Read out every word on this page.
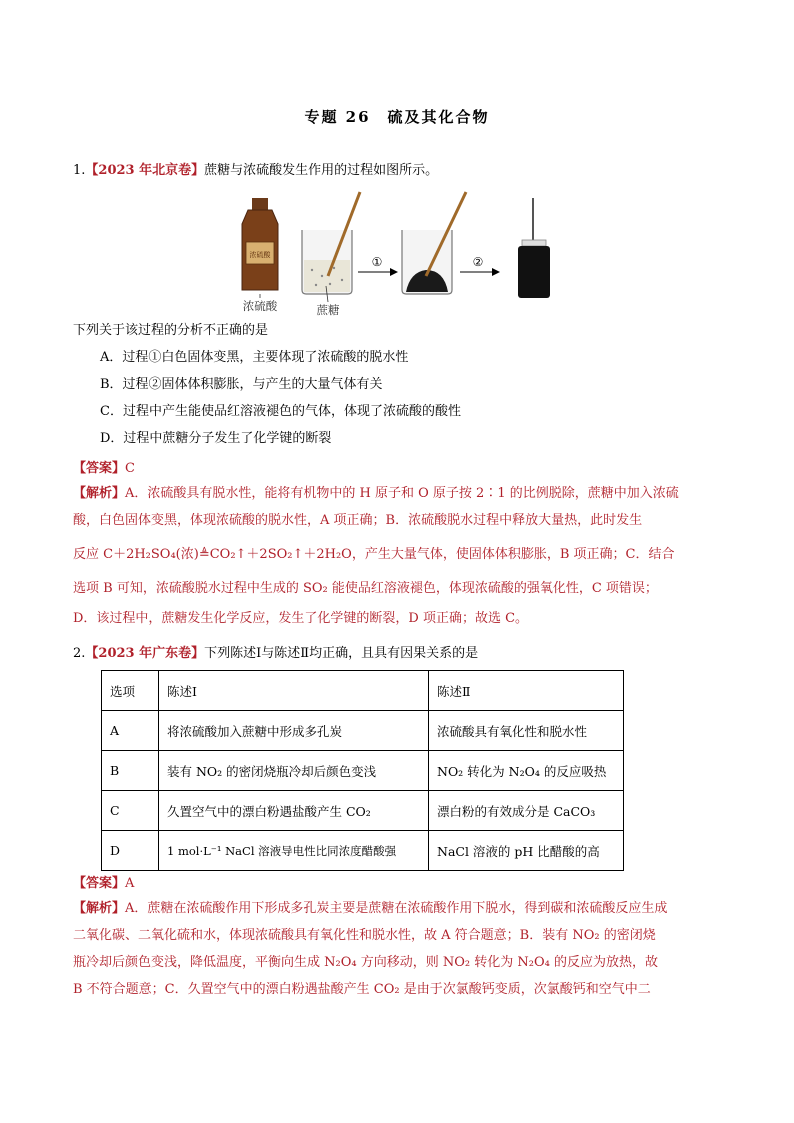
专题 26　硫及其化合物
1.【2023 年北京卷】蔗糖与浓硫酸发生作用的过程如图所示。
浓硫酸	①	②
浓硫酸	蔗糖
下列关于该过程的分析不正确的是
A．过程①白色固体变黑，主要体现了浓硫酸的脱水性
B．过程②固体体积膨胀，与产生的大量气体有关
C．过程中产生能使品红溶液褪色的气体，体现了浓硫酸的酸性
D．过程中蔗糖分子发生了化学键的断裂
【答案】C
【解析】A．浓硫酸具有脱水性，能将有机物中的 H 原子和 O 原子按 2∶1 的比例脱除，蔗糖中加入浓硫
酸，白色固体变黑，体现浓硫酸的脱水性，A 项正确；B．浓硫酸脱水过程中释放大量热，此时发生
反应 C＋2H₂SO₄(浓)≜CO₂↑＋2SO₂↑＋2H₂O，产生大量气体，使固体体积膨胀，B 项正确；C．结合
选项 B 可知，浓硫酸脱水过程中生成的 SO₂ 能使品红溶液褪色，体现浓硫酸的强氧化性，C 项错误；
D．该过程中，蔗糖发生化学反应，发生了化学键的断裂，D 项正确；故选 C。
2.【2023 年广东卷】下列陈述Ⅰ与陈述Ⅱ均正确，且具有因果关系的是
选项	陈述Ⅰ	陈述Ⅱ
A	将浓硫酸加入蔗糖中形成多孔炭	浓硫酸具有氧化性和脱水性
B	装有 NO₂ 的密闭烧瓶冷却后颜色变浅	NO₂ 转化为 N₂O₄ 的反应吸热
C	久置空气中的漂白粉遇盐酸产生 CO₂	漂白粉的有效成分是 CaCO₃
D	1 mol·L⁻¹ NaCl 溶液导电性比同浓度醋酸强	NaCl 溶液的 pH 比醋酸的高
【答案】A
【解析】A．蔗糖在浓硫酸作用下形成多孔炭主要是蔗糖在浓硫酸作用下脱水，得到碳和浓硫酸反应生成
二氧化碳、二氧化硫和水，体现浓硫酸具有氧化性和脱水性，故 A 符合题意；B．装有 NO₂ 的密闭烧
瓶冷却后颜色变浅，降低温度，平衡向生成 N₂O₄ 方向移动，则 NO₂ 转化为 N₂O₄ 的反应为放热，故
B 不符合题意；C．久置空气中的漂白粉遇盐酸产生 CO₂ 是由于次氯酸钙变质，次氯酸钙和空气中二
